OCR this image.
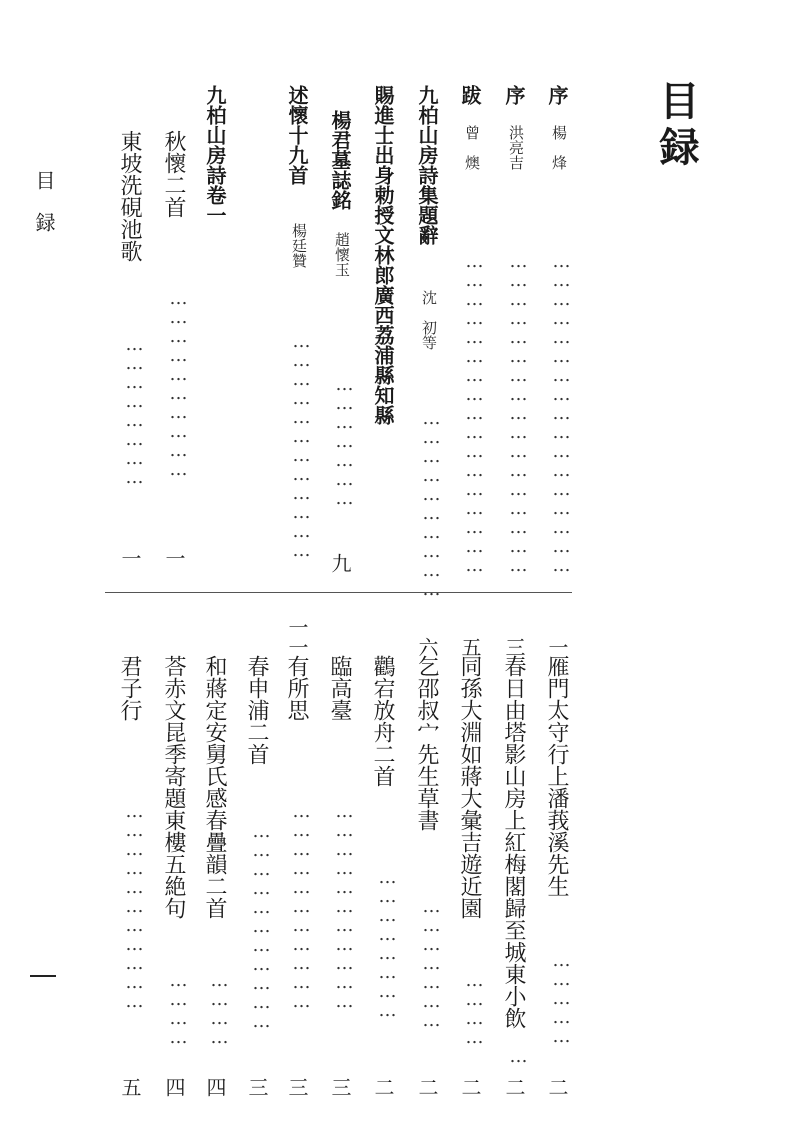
目録
目録
序
楊　烽
……………………………………………
一
序
洪亮吉
……………………………………………
三
跋
曾　燠
……………………………………………
五
九柏山房詩集題辭
沈　初等
…………………………
六
賜進士出身勅授文林郎廣西荔浦縣知縣
楊君墓誌銘
趙懷玉
…………………
九
述懷十九首
楊廷贊
………………………………
一一
九柏山房詩卷一
秋懷二首
…………………………
一
東坡洗硯池歌
……………………
一
雁門太守行上潘莪溪先生
……………
二
春日由塔影山房上紅梅閣歸至城東小飲
…
二
同孫大淵如蔣大彙吉遊近園
…………
二
乞邵叔宀先生草書
…………………
二
鸛宕放舟二首
……………………
二
臨高臺
……………………………
三
有所思
……………………………
三
春申浦二首
……………………………
三
和蔣定安舅氏感春疊韻二首
…………
四
荅赤文昆季寄題東樓五絶句
…………
四
君子行
……………………………
五
